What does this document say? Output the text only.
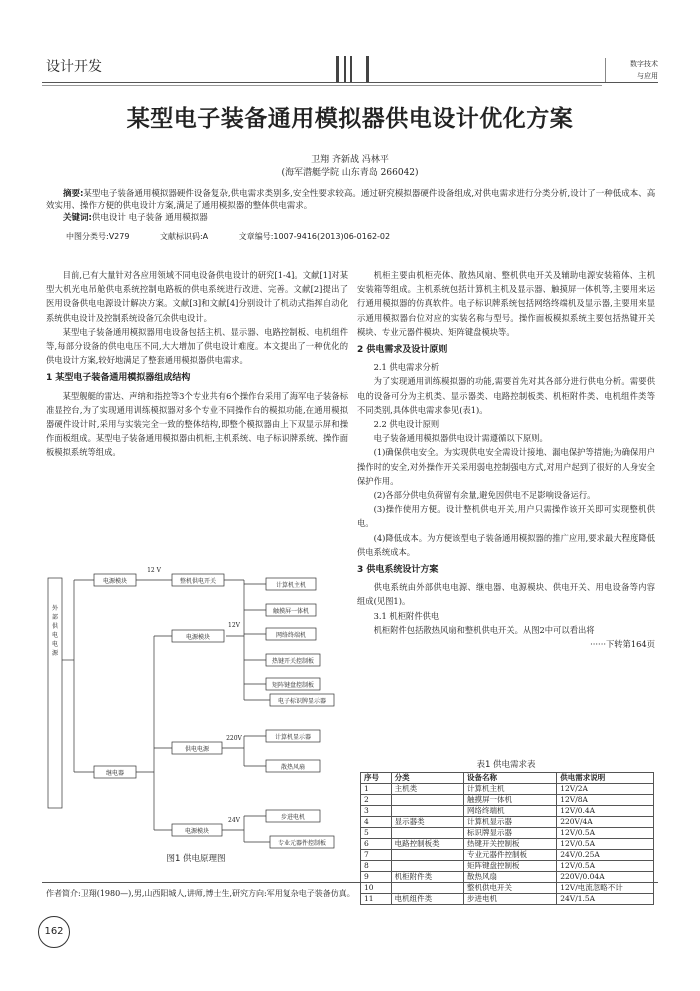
设计开发	数字技术
与应用
某型电子装备通用模拟器供电设计优化方案
卫翔 齐新战 冯林平
(海军潜艇学院 山东青岛 266042)
摘要:某型电子装备通用模拟器硬件设备复杂,供电需求类别多,安全性要求较高。通过研究模拟器硬件设备组成,对供电需求进行分类分析,设计了一种低成本、高效实用、操作方便的供电设计方案,满足了通用模拟器的整体供电需求。
关键词:供电设计 电子装备 通用模拟器
中图分类号:V279	文献标识码:A	文章编号:1007-9416(2013)06-0162-02

目前,已有大量针对各应用领域不同电设备供电设计的研究[1-4]。文献[1]对某型大机光电吊舱供电系统控制电路板的供电系统进行改进、完善。文献[2]提出了医用设备供电电源设计解决方案。文献[3]和文献[4]分别设计了机动式指挥自动化系统供电设计及控制系统设备冗余供电设计。

某型电子装备通用模拟器用电设备包括主机、显示器、电路控制板、电机组件等,每部分设备的供电电压不同,大大增加了供电设计难度。本文提出了一种优化的供电设计方案,较好地满足了整套通用模拟器供电需求。

1 某型电子装备通用模拟器组成结构

某型舰艇的雷达、声纳和指控等3个专业共有6个操作台采用了海军电子装备标准显控台,为了实现通用训练模拟器对多个专业不同操作台的模拟功能,在通用模拟器硬件设计时,采用与实装完全一致的整体结构,即整个模拟器由上下双显示屏和操作面板组成。某型电子装备通用模拟器由机柜,主机系统、电子标识牌系统、操作面板模拟系统等组成。

外部供电电源
电源模块
12 V
整机供电开关
计算机主机
触摸屏一体机
电源模块
12V
网络终端机
热键开关控制板
矩阵键盘控制板
电子标识牌显示器
继电器
220V
供电电源
计算机显示器
散热风扇
24V
电源模块
步进电机
专业元器件控制板
图1 供电原理图

机柜主要由机柜壳体、散热风扇、整机供电开关及辅助电源安装箱体、主机安装箱等组成。主机系统包括计算机主机及显示器、触摸屏一体机等,主要用来运行通用模拟器的仿真软件。电子标识牌系统包括网络终端机及显示器,主要用来显示通用模拟器台位对应的实装名称与型号。操作面板模拟系统主要包括热键开关模块、专业元器件模块、矩阵键盘模块等。

2 供电需求及设计原则

2.1 供电需求分析

为了实现通用训练模拟器的功能,需要首先对其各部分进行供电分析。需要供电的设备可分为主机类、显示器类、电路控制板类、机柜附件类、电机组件类等不同类别,具体供电需求参见(表1)。

2.2 供电设计原则

电子装备通用模拟器供电设计需遵循以下原则。

(1)确保供电安全。为实现供电安全需设计接地、漏电保护等措施;为确保用户操作时的安全,对外操作开关采用弱电控制强电方式,对用户起到了很好的人身安全保护作用。

(2)各部分供电负荷留有余量,避免因供电不足影响设备运行。

(3)操作使用方便。设计整机供电开关,用户只需操作该开关即可实现整机供电。

(4)降低成本。为方便该型电子装备通用模拟器的推广应用,要求最大程度降低供电系统成本。

3 供电系统设计方案

供电系统由外部供电电源、继电器、电源模块、供电开关、用电设备等内容组成(见图1)。

3.1 机柜附件供电

机柜附件包括散热风扇和整机供电开关。从图2中可以看出将

······下转第164页
表1 供电需求表
序号	分类	设备名称	供电需求说明
1	主机类	计算机主机	12V/2A
2		触摸屏一体机	12V/8A
3		网络终端机	12V/0.4A
4	显示器类	计算机显示器	220V/4A
5		标识牌显示器	12V/0.5A
6	电路控制板类	热键开关控制板	12V/0.5A
7		专业元器件控制板	24V/0.25A
8		矩阵键盘控制板	12V/0.5A
9	机柜附件类	散热风扇	220V/0.04A
10		整机供电开关	12V/电流忽略不计
11	电机组件类	步进电机	24V/1.5A
作者简介:卫翔(1980—),男,山西阳城人,讲师,博士生,研究方向:军用复杂电子装备仿真。
162
